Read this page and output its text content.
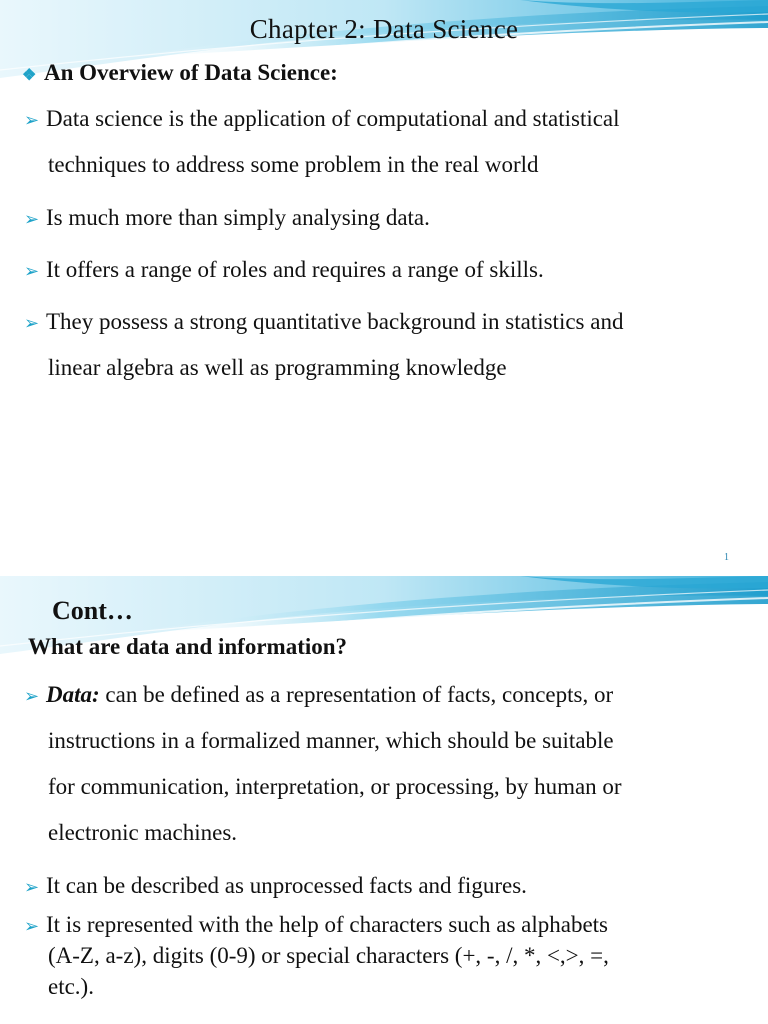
Chapter 2: Data Science
❖ An Overview of Data Science:
➢ Data science is the application of computational and statistical
techniques to address some problem in the real world
➢ Is much more than simply analysing data.
➢ It offers a range of roles and requires a range of skills.
➢ They possess a strong quantitative background in statistics and
linear algebra as well as programming knowledge
1
Cont…
What are data and information?
➢ Data: can be defined as a representation of facts, concepts, or
instructions in a formalized manner, which should be suitable
for communication, interpretation, or processing, by human or
electronic machines.
➢ It can be described as unprocessed facts and figures.
➢ It is represented with the help of characters such as alphabets
(A-Z, a-z), digits (0-9) or special characters (+, -, /, *, <,>, =,
etc.).
